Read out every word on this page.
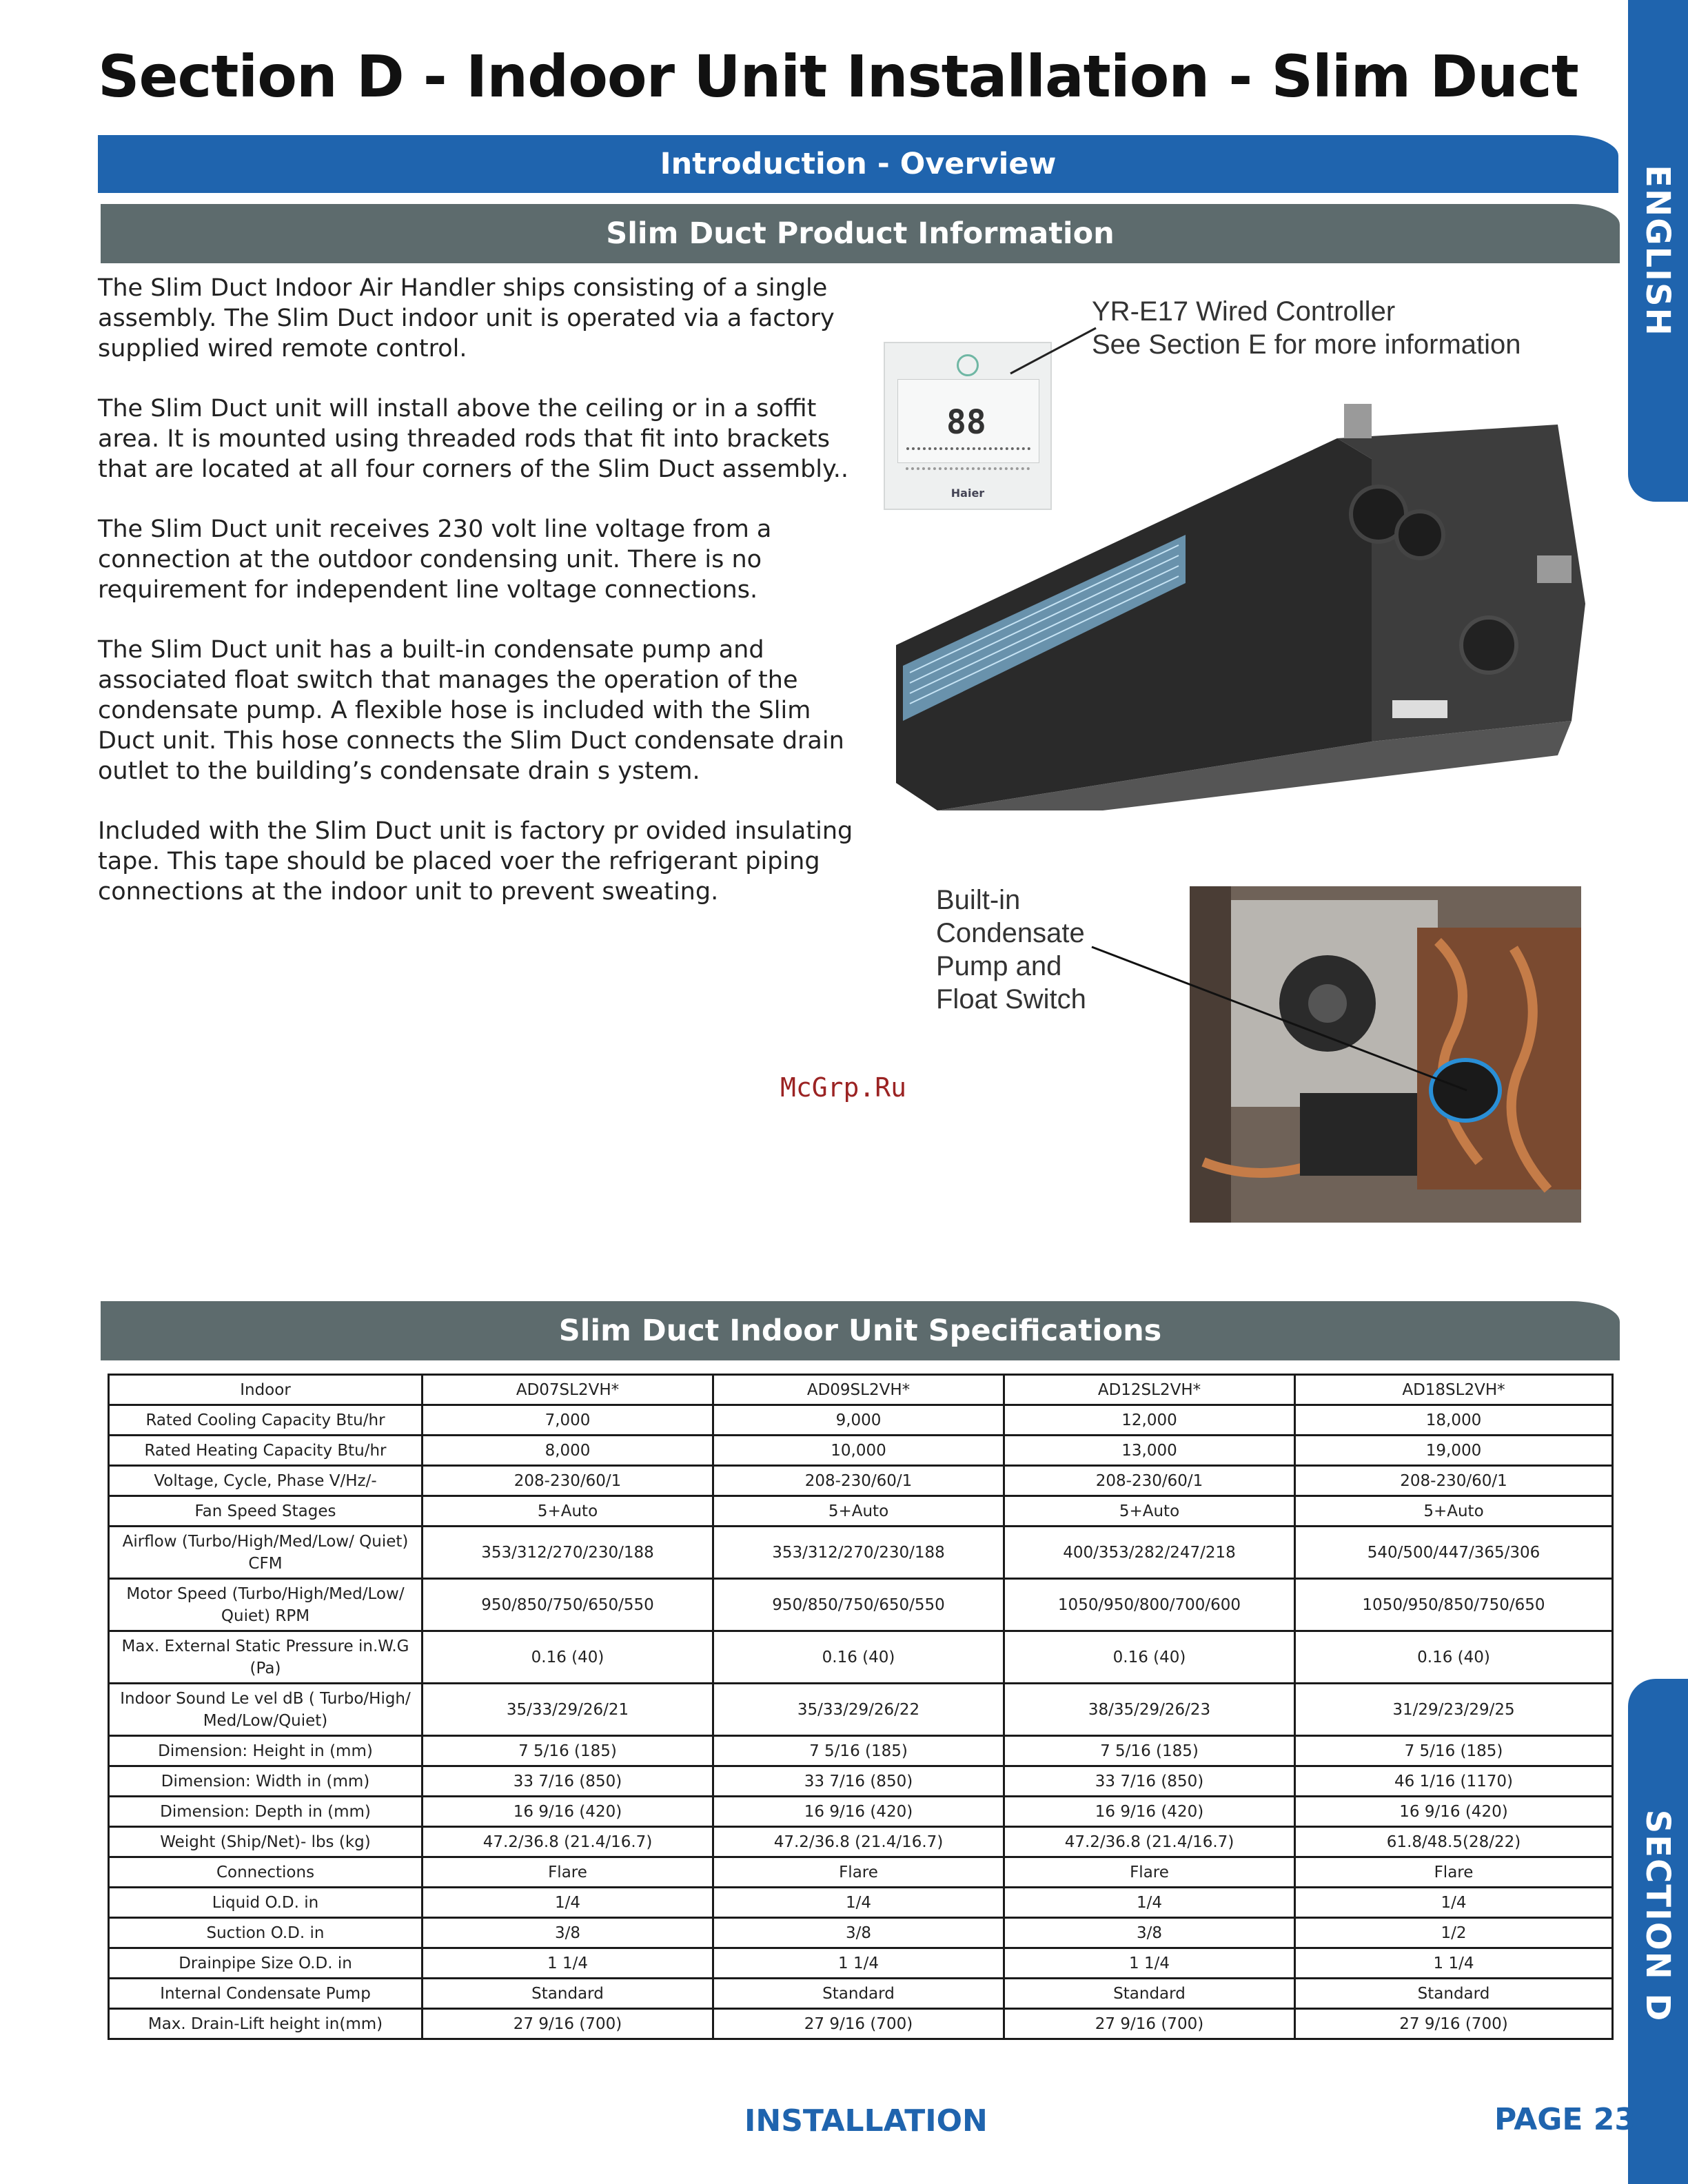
Section D - Indoor Unit Installation - Slim Duct
Introduction - Overview
Slim Duct Product Information	ENGLISH
SECTION D

The Slim Duct Indoor Air Handler ships consisting of a single assembly. The Slim Duct indoor unit is operated via a factory supplied wired remote control.

The Slim Duct unit will install above the ceiling or in a soffit area. It is mounted using threaded rods that fit into brackets that are located at all four corners of the Slim Duct assembly..

The Slim Duct unit receives 230 volt line voltage from a connection at the outdoor condensing unit. There is no requirement for independent line voltage connections.

The Slim Duct unit has a built-in condensate pump and associated float switch that manages the operation of the condensate pump. A flexible hose is included with the Slim Duct unit. This hose connects the Slim Duct condensate drain outlet to the building’s condensate drain s ystem.

Included with the Slim Duct unit is factory pr ovided insulating tape. This tape should be placed voer the refrigerant piping connections at the indoor unit to prevent sweating.

88
Haier
YR-E17 Wired Controller
See Section E for more information
Built-in
Condensate
Pump and
Float Switch
McGrp.Ru
Slim Duct Indoor Unit Specifications
Indoor	AD07SL2VH*	AD09SL2VH*	AD12SL2VH*	AD18SL2VH*
Rated Cooling Capacity Btu/hr	7,000	9,000	12,000	18,000
Rated Heating Capacity Btu/hr	8,000	10,000	13,000	19,000
Voltage, Cycle, Phase V/Hz/-	208-230/60/1	208-230/60/1	208-230/60/1	208-230/60/1
Fan Speed Stages	5+Auto	5+Auto	5+Auto	5+Auto
Airflow (Turbo/High/Med/Low/ Quiet) CFM	353/312/270/230/188	353/312/270/230/188	400/353/282/247/218	540/500/447/365/306
Motor Speed (Turbo/High/Med/Low/ Quiet) RPM	950/850/750/650/550	950/850/750/650/550	1050/950/800/700/600	1050/950/850/750/650
Max. External Static Pressure in.W.G (Pa)	0.16 (40)	0.16 (40)	0.16 (40)	0.16 (40)
Indoor Sound Le vel dB ( Turbo/High/ Med/Low/Quiet)	35/33/29/26/21	35/33/29/26/22	38/35/29/26/23	31/29/23/29/25
Dimension: Height in (mm)	7 5/16 (185)	7 5/16 (185)	7 5/16 (185)	7 5/16 (185)
Dimension: Width in (mm)	33 7/16 (850)	33 7/16 (850)	33 7/16 (850)	46 1/16 (1170)
Dimension: Depth in (mm)	16 9/16 (420)	16 9/16 (420)	16 9/16 (420)	16 9/16 (420)
Weight (Ship/Net)- lbs (kg)	47.2/36.8 (21.4/16.7)	47.2/36.8 (21.4/16.7)	47.2/36.8 (21.4/16.7)	61.8/48.5(28/22)
Connections	Flare	Flare	Flare	Flare
Liquid O.D. in	1/4	1/4	1/4	1/4
Suction O.D. in	3/8	3/8	3/8	1/2
Drainpipe Size O.D. in	1 1/4	1 1/4	1 1/4	1 1/4
Internal Condensate Pump	Standard	Standard	Standard	Standard
Max. Drain-Lift height in(mm)	27 9/16 (700)	27 9/16 (700)	27 9/16 (700)	27 9/16 (700)
INSTALLATION	PAGE 23
